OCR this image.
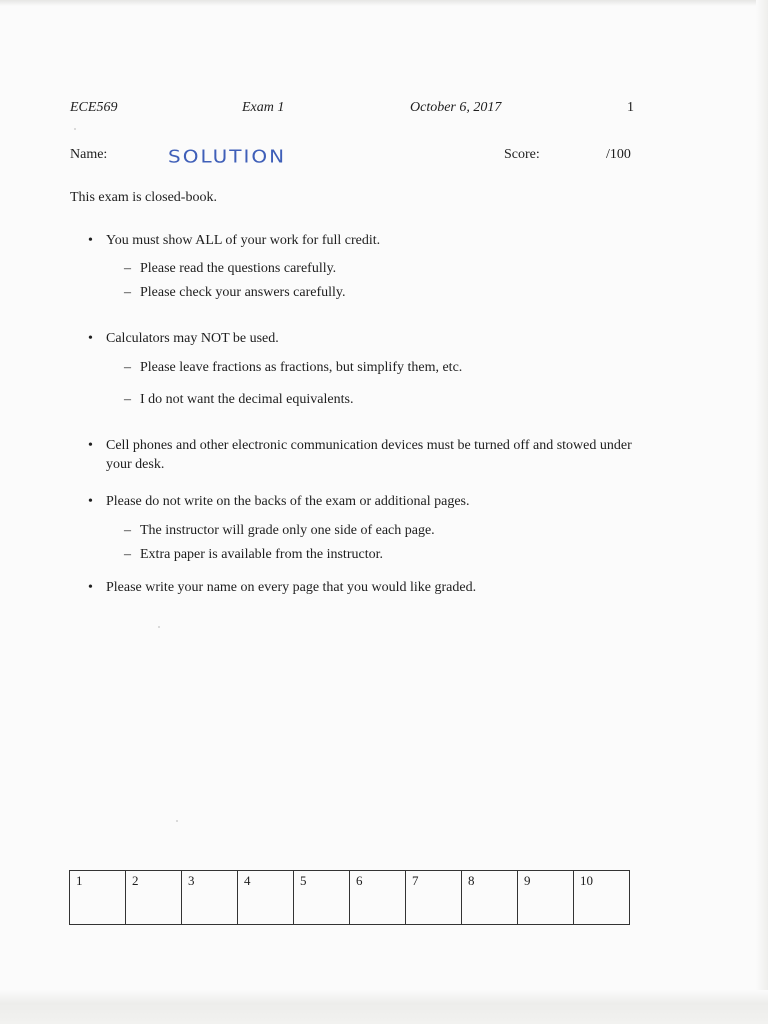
ECE569	Exam 1	October 6, 2017	1
Name:	SOLUTION	Score:	/100
This exam is closed-book.
• You must show ALL of your work for full credit.
– Please read the questions carefully.
– Please check your answers carefully.
• Calculators may NOT be used.
– Please leave fractions as fractions, but simplify them, etc.
– I do not want the decimal equivalents.
• Cell phones and other electronic communication devices must be turned off and stowed under your desk.
• Please do not write on the backs of the exam or additional pages.
– The instructor will grade only one side of each page.
– Extra paper is available from the instructor.
• Please write your name on every page that you would like graded.
1	2	3	4	5	6	7	8	9	10
